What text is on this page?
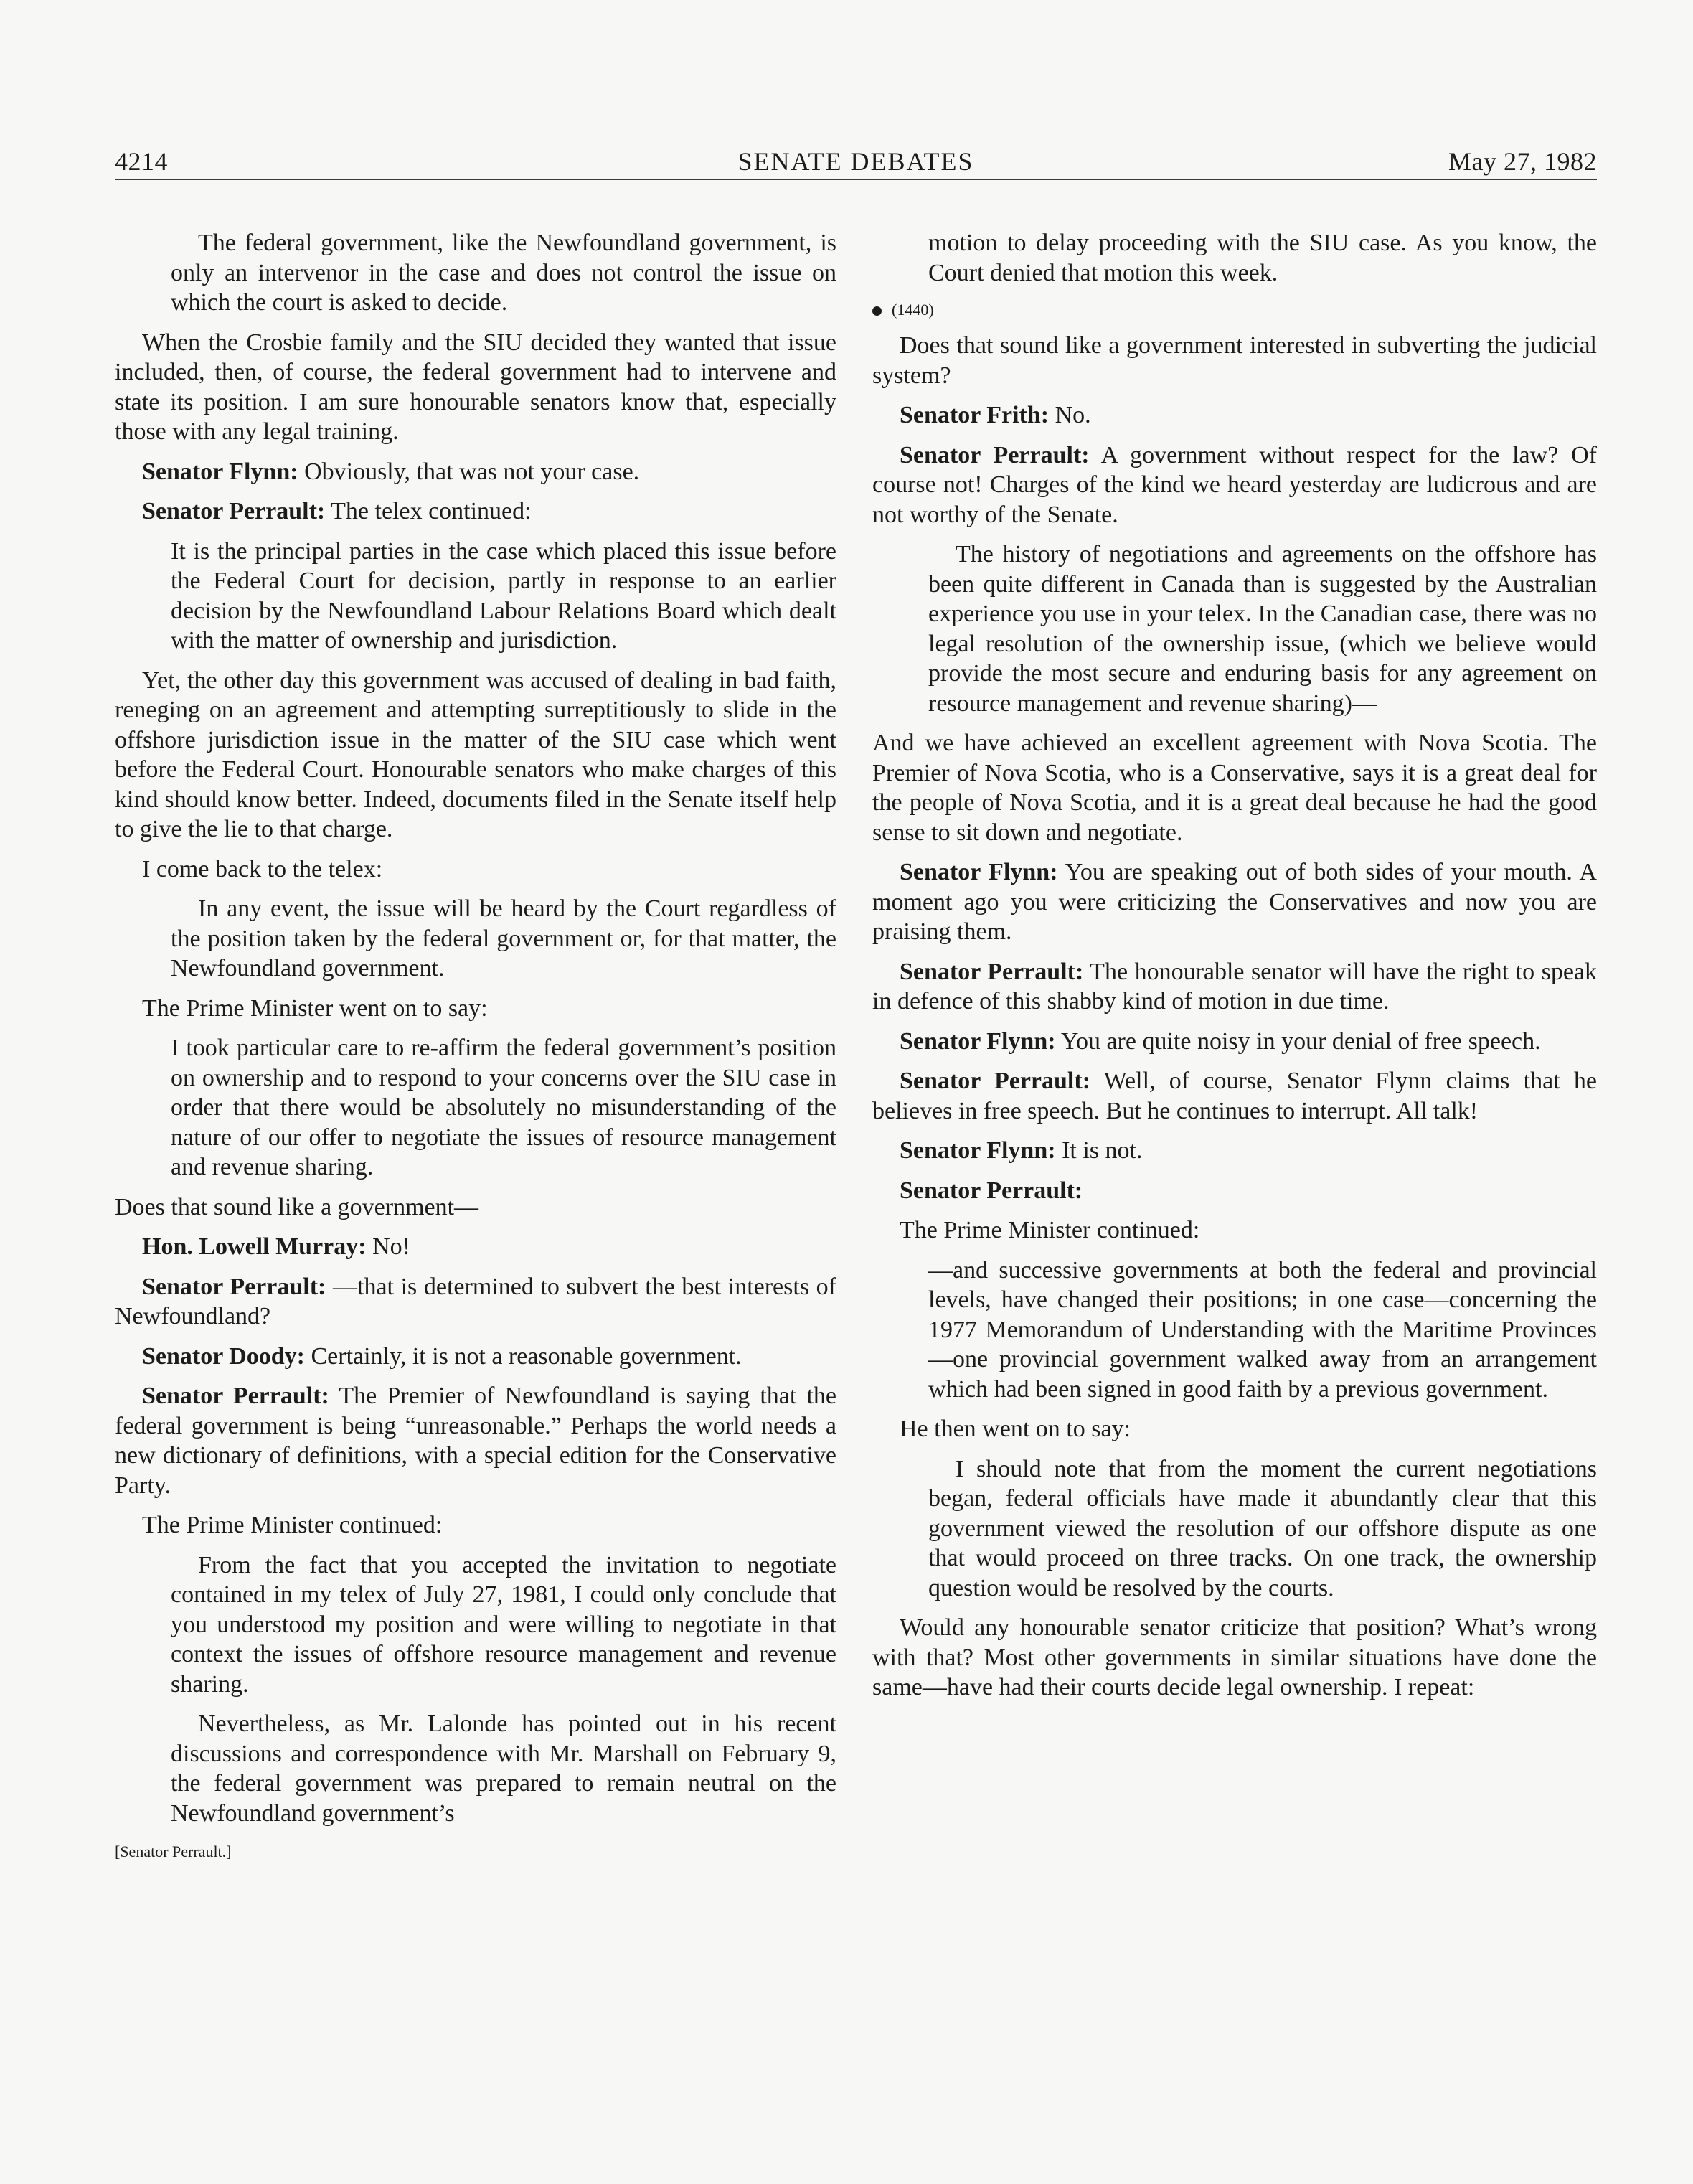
4214	SENATE DEBATES	May 27, 1982

The federal government, like the Newfoundland government, is only an intervenor in the case and does not control the issue on which the court is asked to decide.

When the Crosbie family and the SIU decided they wanted that issue included, then, of course, the federal government had to intervene and state its position. I am sure honourable senators know that, especially those with any legal training.

Senator Flynn: Obviously, that was not your case.

Senator Perrault: The telex continued:

It is the principal parties in the case which placed this issue before the Federal Court for decision, partly in response to an earlier decision by the Newfoundland Labour Relations Board which dealt with the matter of ownership and jurisdiction.

Yet, the other day this government was accused of dealing in bad faith, reneging on an agreement and attempting surreptitiously to slide in the offshore jurisdiction issue in the matter of the SIU case which went before the Federal Court. Honourable senators who make charges of this kind should know better. Indeed, documents filed in the Senate itself help to give the lie to that charge.

I come back to the telex:

In any event, the issue will be heard by the Court regardless of the position taken by the federal government or, for that matter, the Newfoundland government.

The Prime Minister went on to say:

I took particular care to re-affirm the federal government’s position on ownership and to respond to your concerns over the SIU case in order that there would be absolutely no misunderstanding of the nature of our offer to negotiate the issues of resource management and revenue sharing.

Does that sound like a government—

Hon. Lowell Murray: No!

Senator Perrault: —that is determined to subvert the best interests of Newfoundland?

Senator Doody: Certainly, it is not a reasonable government.

Senator Perrault: The Premier of Newfoundland is saying that the federal government is being “unreasonable.” Perhaps the world needs a new dictionary of definitions, with a special edition for the Conservative Party.

The Prime Minister continued:

From the fact that you accepted the invitation to negotiate contained in my telex of July 27, 1981, I could only conclude that you understood my position and were willing to negotiate in that context the issues of offshore resource management and revenue sharing.

Nevertheless, as Mr. Lalonde has pointed out in his recent discussions and correspondence with Mr. Marshall on February 9, the federal government was prepared to remain neutral on the Newfoundland government’s

[Senator Perrault.]

motion to delay proceeding with the SIU case. As you know, the Court denied that motion this week.

(1440)

Does that sound like a government interested in subverting the judicial system?

Senator Frith: No.

Senator Perrault: A government without respect for the law? Of course not! Charges of the kind we heard yesterday are ludicrous and are not worthy of the Senate.

The history of negotiations and agreements on the offshore has been quite different in Canada than is suggested by the Australian experience you use in your telex. In the Canadian case, there was no legal resolution of the ownership issue, (which we believe would provide the most secure and enduring basis for any agreement on resource management and revenue sharing)—

And we have achieved an excellent agreement with Nova Scotia. The Premier of Nova Scotia, who is a Conservative, says it is a great deal for the people of Nova Scotia, and it is a great deal because he had the good sense to sit down and negotiate.

Senator Flynn: You are speaking out of both sides of your mouth. A moment ago you were criticizing the Conservatives and now you are praising them.

Senator Perrault: The honourable senator will have the right to speak in defence of this shabby kind of motion in due time.

Senator Flynn: You are quite noisy in your denial of free speech.

Senator Perrault: Well, of course, Senator Flynn claims that he believes in free speech. But he continues to interrupt. All talk!

Senator Flynn: It is not.

Senator Perrault:

The Prime Minister continued:

—and successive governments at both the federal and provincial levels, have changed their positions; in one case—concerning the 1977 Memorandum of Understanding with the Maritime Provinces—one provincial government walked away from an arrangement which had been signed in good faith by a previous government.

He then went on to say:

I should note that from the moment the current negotiations began, federal officials have made it abundantly clear that this government viewed the resolution of our offshore dispute as one that would proceed on three tracks. On one track, the ownership question would be resolved by the courts.

Would any honourable senator criticize that position? What’s wrong with that? Most other governments in similar situations have done the same—have had their courts decide legal ownership. I repeat:
